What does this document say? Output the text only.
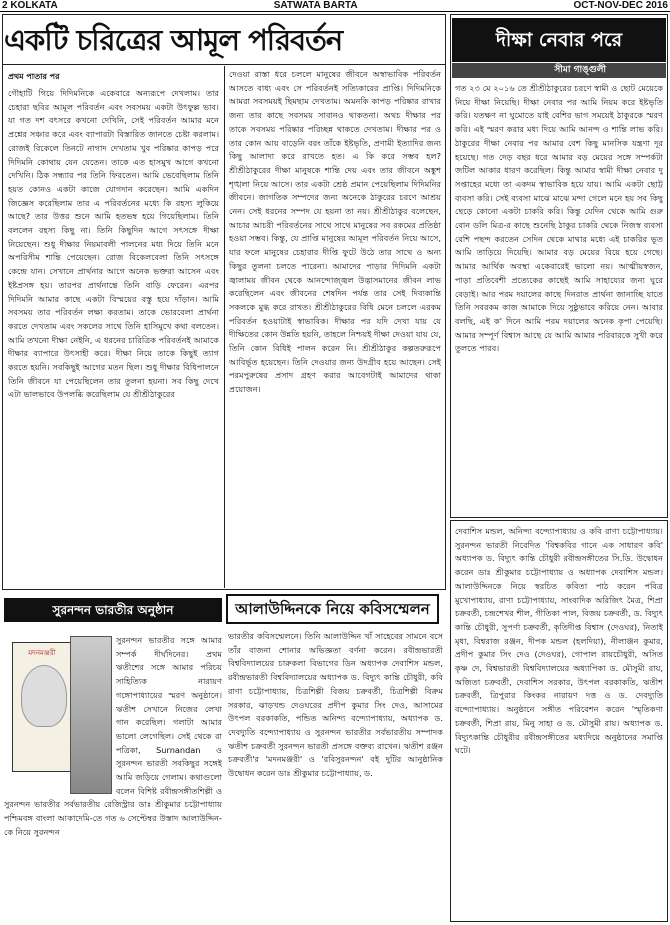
2 KOLKATA	SATWATA BARTA	OCT-NOV-DEC 2016
একটি চরিত্রের আমূল পরিবর্তন
প্রথম পাতার পর
গৌহাটি গিয়ে দিদিমনিকে একেবারে অন্যরূপে দেখলাম। তার চেহারা ছবির আমূল পরিবর্তন এবং সবসময় একটা উৎফুল্ল ভাব। যা গত দশ বৎসরে কখনো দেখিনি, সেই পরিবর্তন আমার মনে প্রশ্নের সঞ্চার করে এবং ব্যাপারটা বিস্তারিত জানতে চেষ্টা করলাম। রোজই বিকেলে তিনটে নাগাদ দেখতাম খুব পরিষ্কার কাপড় পরে দিদিমনি কোথায় যেন যেতেন। তাকে এত হাসমুখ আগে কখনো দেখিনি। ঠিক সন্ধ্যার পর তিনি ফিরতেন। আমি ভেবেছিলাম তিনি হয়ত কোনও একটা কাজে যোগদান করেছেন। আমি একদিন জিজ্ঞেস করেছিলাম তার এ পরিবর্তনের মধ্যে কি রহস্য লুকিয়ে আছে? তার উত্তর শুনে আমি হতভম্ব হয়ে গিয়েছিলাম। তিনি বললেন রহস্য কিছু না। তিনি কিছুদিন আগে সৎসঙ্গে দীক্ষা নিয়েছেন। শুধু দীক্ষার নিয়মাবলী পালনের মধ্য দিয়ে তিনি মনে অপরিসীম শান্তি পেয়েছেন। রোজ বিকেলবেলা তিনি সৎসঙ্গে কেন্দ্রে যান। সেখানে প্রার্থনার আগে অনেক ভক্তরা আসেন এবং ইষ্টপ্রসঙ্গ হয়। তারপর প্রার্থনান্তে তিনি বাড়ি ফেরেন। এরপর দিদিমনি আমার কাছে একটা বিস্ময়ের বস্তু হয়ে দাঁড়ান। আমি সবসময় তার পরিবর্তন লক্ষ্য করতাম। তাকে ভোরবেলা প্রার্থনা করতে দেখতাম এবং সকলের সাথে তিনি হাসিমুখে কথা বলতেন। আমি তখনো দীক্ষা নেইনি, এ ধরনের চারিত্রিক পরিবর্তনই আমাকে দীক্ষার ব্যাপারে উৎসাহী করে। দীক্ষা নিয়ে তাকে কিছুই ত্যাগ করতে হয়নি। সবকিছুই আগের মতন ছিল। শুধু দীক্ষার বিধিপালনে তিনি জীবনে যা পেয়েছিলেন তার তুলনা হয়না। সব কিছু দেখে এটা ভালভাবে উপলব্ধি করেছিলাম যে শ্রীশ্রীঠাকুরের
দেওয়া রাস্তা ধরে চললে মানুষের জীবনে অস্বাভাবিক পরিবর্তন আসতে বাধ্য এবং সে পরিবর্তনই সত্যিকারের প্রাপ্তি। দিদিমনিকে আমরা সবসময়ই ছিমছাম দেখতাম। অমনকি কাপড় পরিষ্কার রাখার জন্য তার কাছে সবসময় সাবানও থাকতনা। অথচ দীক্ষার পর তাকে সবসময় পরিষ্কার পরিচ্ছন্ন থাকতে দেখতাম। দীক্ষার পর ও তার কোন আয় বাড়েনি বরং তাঁকে ইষ্টভৃতি, প্রণামী ইত্যাদির জন্য কিছু আলাদা করে রাখতে হত। এ কি করে সম্ভব হল? শ্রীশ্রীঠাকুরের দীক্ষা মানুষকে শান্তি দেয় এবং তার জীবনে অঙ্কুশ শৃঙ্খলা নিয়ে আসে। তার একটা শ্রেষ্ঠ প্রমান পেয়েছিলাম দিদিমনির জীবনে। জাগতিক সম্পদের জন্য অনেকে ঠাকুরের চরণে আশ্রয় নেন। সেই ধরনের সম্পদ যে হয়না তা নয়। শ্রীশ্রীঠাকুর বলেছেন, আচার আচরী পরিবর্তনের সাথে সাথে মানুষের সব রকমের প্রতিষ্ঠা হওয়া সম্ভব। কিন্তু, যে প্রাপ্তি মানুষের আমূল পরিবর্তন নিয়ে আসে, যার ফলে মানুষের চেহারার দীপ্তি ফুটে উঠে তার সাথে ও অন্য কিছুর তুলনা চলতে পারেনা। আমাদের পাড়ার দিদিমনি একটা জ্বালাময় জীবন থেকে আনন্দোজ্জ্বল উদ্ভাসমানের জীবন লাভ করেছিলেন এবং জীবনের শেষদিন পর্যন্ত তার সেই দিব্যকান্তি সকলকে মুগ্ধ করে রাখত। শ্রীশ্রীঠাকুরের বিধি মেনে চললে এরকম পরিবর্তন হওয়াটাই স্বাভাবিক। দীক্ষার পর যদি দেখা যায় যে দীক্ষিতের কোন উন্নতি হয়নি, তাহলে নিশ্চয়ই দীক্ষা দেওয়া যায় যে, তিনি কোন বিধিই পালন করেন নি। শ্রীশ্রীঠাকুর কল্পতরুরূপে আবির্ভূত হয়েছেন। তিনি দেওয়ার জন্য উদগ্রীব হয়ে আছেন। সেই পরমপুরুষের প্রসাদ গ্রহণ করার আবেগটাই আমাদের থাকা প্রয়োজন।
দীক্ষা নেবার পরে
সীমা গাঙ্গুলী
গত ২৩ মে ২০১৬ তে শ্রীশ্রীঠাকুরের চরণে স্বামী ও ছোট মেয়েকে নিয়ে দীক্ষা নিয়েছি। দীক্ষা নেবার পর আমি নিয়ম করে ইষ্টভৃতি করি। যতক্ষণ না ঘুমোতে যাই বেশির ভাগ সময়েই ঠাকুরকে স্মরণ করি। এই স্মরণ করার মধ্য দিয়ে আমি আনন্দ ও শান্তি লাভ করি। ঠাকুরের দীক্ষা নেবার পর আমার বেশ কিছু মানসিক যন্ত্রণা দূর হয়েছে। গত দেড় বছর ধরে আমার বড় মেয়ের সঙ্গে সম্পর্কটা জটিল আকার ধারণ করেছিল। কিন্তু আমার স্বামী দীক্ষা নেবার দু সপ্তাহের মধ্যে তা একদম স্বাভাবিক হয়ে যায়। আমি একটা ছোট্ট ব্যবসা করি। সেই ব্যবসা মাঝে মাঝে মন্দা গেলে মনে হয় সব কিছু ছেড়ে কোনো একটা চাকরি করি। কিন্তু যেদিন থেকে আমি গুরু বোন ডলি মিত্র-র কাছে শুনেছি ঠাকুর চাকরি থেকে নিজস্ব ব্যবসা বেশি পছন্দ করতেন সেদিন থেকে মাথার মধ্যে এই চাকরির ভূত আমি তাড়িয়ে দিয়েছি। আমার বড় মেয়ের বিয়ে হয়ে গেছে। আমার আর্থিক অবস্থা একেবারেই ভালো নয়। আত্মীয়স্বজন, পাড়া প্রতিবেশী প্রত্যেকের কাছেই আমি সাহায্যের জন্য ঘুরে বেড়াই। আর পরম দয়ালের কাছে দিনরাত প্রার্থনা জানাচ্ছি যাতে তিনি সবরকম কাজ আমাকে দিয়ে সুষ্ঠুভাবে করিয়ে নেন। আবার বলছি, এই ক' দিনে আমি পরম দয়ালের অনেক কৃপা পেয়েছি। আমার সম্পূর্ণ বিশ্বাস আছে যে আমি আমার পরিবারকে সুখী করে তুলতে পারব।
সুরনন্দন ভারতীর অনুষ্ঠান	আলাউদ্দিনকে নিয়ে কবিসম্মেলন
মদনমঞ্জরী
সুরনন্দন ভারতীর সঙ্গে আমার সম্পর্ক দীর্ঘদিনের। প্রথম ঋতীশের সঙ্গে আমার পরিচয় সাহিত্যিক নারায়ণ গঙ্গোপাধ্যায়ের স্মরণ অনুষ্ঠানে। ঋতীশ সেখানে নিজের লেখা গান করেছিল। গলাটা আমার ভালো লেগেছিল। সেই থেকে রা পত্রিকা, Surnandan ও সুরনন্দন ভারতী সবকিছুর সঙ্গেই আমি জড়িয়ে গেলাম। কথাগুলো বলেন বিশিষ্ট রবীন্দ্রসঙ্গীতশিল্পী ও সুরনন্দন ভারতীর সর্বভারতীয় রেজিস্ট্রার ডাঃ শ্রীকুমার চট্টোপাধ্যায় পশ্চিমবঙ্গ বাংলা আকাদেমি-তে গত ৬ সেপ্টেম্বর উস্তাদ আলাউদ্দিন-কে নিয়ে সুরনন্দন
ভারতীর কবিসম্মেলনে। তিনি আলাউদ্দিন খাঁ সাহেবের সামনে বসে তাঁর বাজনা শোনার অভিজ্ঞতা বর্ণনা করেন। রবীন্দ্রভারতী বিশ্ববিদ্যালয়ের চারুকলা বিভাগের ডিন অধ্যাপক দেবাশিস মন্ডল, রবীন্দ্রভারতী বিশ্ববিদ্যালয়ের অধ্যাপক ড. বিদ্যুৎ কান্তি চৌধুরী, কবি রাণা চট্টোপাধ্যায়, চিত্রশিল্পী বিজয় চক্রবর্তী, চিত্রশিল্পী বিক্রম সরকার, ঝাড়খন্ড দেওঘরের প্রদীপ কুমার সিং দেও, আসামের উৎপল বরকাকতি, পন্ডিত অনিন্দ্য বন্দ্যোপাধ্যায়, অধ্যাপক ড. দেবদ্যুতি বন্দ্যোপাধ্যায় ও সুরনন্দন ভারতীর সর্বভারতীয় সম্পাদক ঋতীশ চক্রবর্তী সুরনন্দন ভারতী প্রসঙ্গে বক্তব্য রাখেন। ঋতীশ রঞ্জন চক্রবর্তী'র 'মদনমঞ্জরী' ও 'রবিসুরনন্দন' বই দুটির আনুষ্ঠানিক উদ্বোধন করেন ডাঃ শ্রীকুমার চট্টোপাধ্যায়, ড.
দেবাশিস মন্ডল, অনিন্দ্য বন্দ্যোপাধ্যায় ও কবি রাণা চট্টোপাধ্যায়। সুরনন্দন ভারতী নিবেদিত 'বিশ্বকবির গানে এক সাধারণ কবি' অধ্যাপক ড. বিদ্যুৎ কান্তি চৌধুরী রবীন্দ্রসঙ্গীতের সি.ডি. উদ্বোধন করেন ডাঃ শ্রীকুমার চট্টোপাধ্যায় ও অধ্যাপক দেবাশিস মন্ডল। আলাউদ্দিনকে নিয়ে স্বরচিত কবিতা পাঠ করেন পবিত্র মুখোপাধ্যায়, রাণা চট্টোপাধ্যায়, সাংবাদিক অরিজিৎ মৈত্র, শিপ্রা চক্রবর্তী, চন্দ্রশেখর শীল, গীতিকা পাল, বিজয় চক্রবর্তী, ড. বিদ্যুৎ কান্তি চৌধুরী, সুপর্ণা চক্রবর্তী, কৃতিদীপ্ত বিশ্বাস (দেওঘর), নিতাই মৃধা, বিশ্বরাজ রঞ্জন, দীপক মন্ডল (হলদিয়া), নীলাঞ্জন কুমার, প্রদীপ কুমার সিং দেও (দেওঘর), গোপাল রায়চৌধুরী, অসিত কৃষ্ণ দে, বিশ্বভারতী বিশ্ববিদ্যালয়ের অধ্যাপিকা ড. মৌসুমী রায়, অজিতা চক্রবর্তী, দেবাশিস সরকার, উৎপল বরকাকতি, ঋতীশ চক্রবর্তী, ত্রিপুরার কিংকর নারায়ণ দত্ত ও ড. দেবদ্যুতি বন্দ্যোপাধ্যায়। অনুষ্ঠানে সঙ্গীত পরিবেশন করেন 'স্মৃতিকণা চক্রবর্তী, শিপ্রা রায়, মিনু সাহা ও ড. মৌসুমী রায়। অধ্যাপক ড. বিদ্যুৎকান্তি চৌধুরীর রবীন্দ্রসঙ্গীতের মধ্যদিয়ে অনুষ্ঠানের সমাপ্তি ঘটে।
